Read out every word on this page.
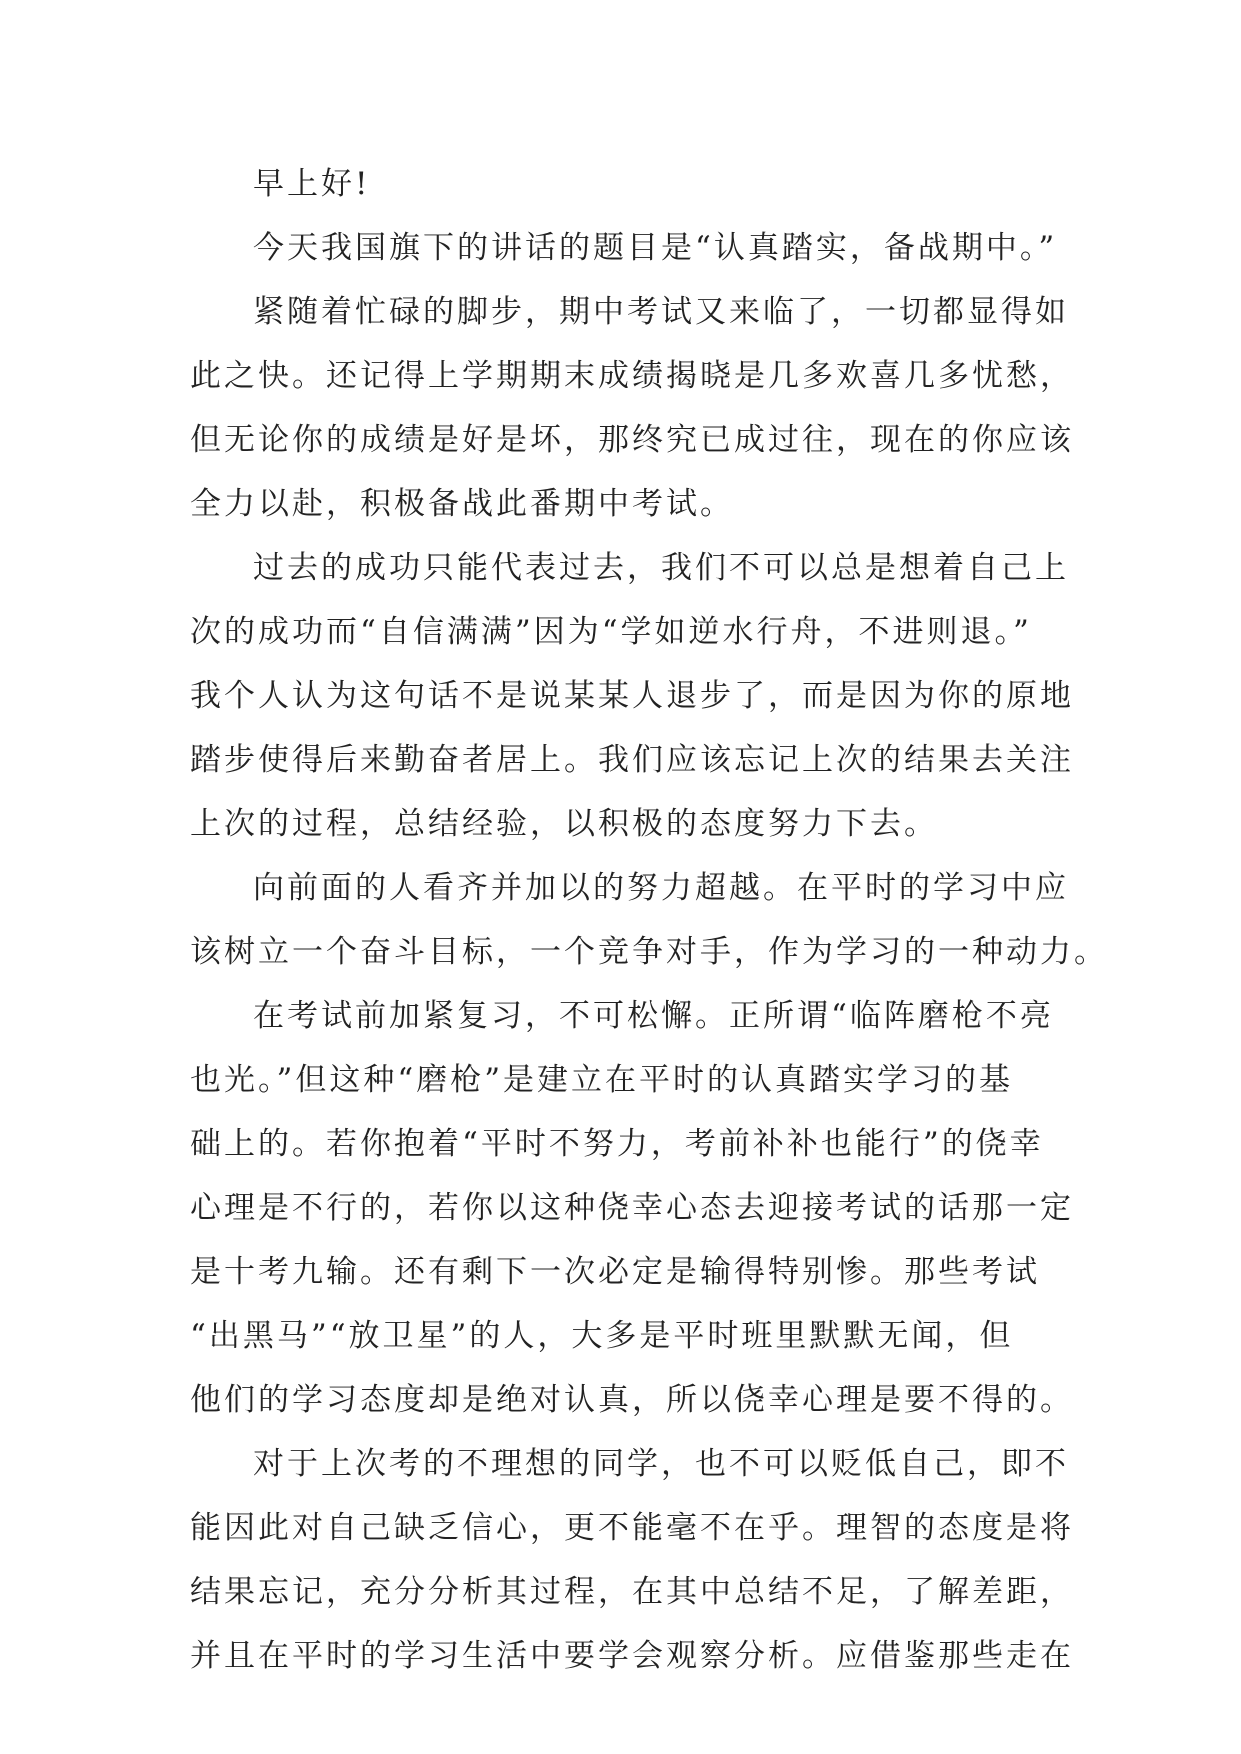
早上好!
今天我国旗下的讲话的题目是“认真踏实，备战期中。”
紧随着忙碌的脚步，期中考试又来临了，一切都显得如
此之快。还记得上学期期末成绩揭晓是几多欢喜几多忧愁，
但无论你的成绩是好是坏，那终究已成过往，现在的你应该
全力以赴，积极备战此番期中考试。
过去的成功只能代表过去，我们不可以总是想着自己上
次的成功而“自信满满”因为“学如逆水行舟，不进则退。”
我个人认为这句话不是说某某人退步了，而是因为你的原地
踏步使得后来勤奋者居上。我们应该忘记上次的结果去关注
上次的过程，总结经验，以积极的态度努力下去。
向前面的人看齐并加以的努力超越。在平时的学习中应
该树立一个奋斗目标，一个竞争对手，作为学习的一种动力。
在考试前加紧复习，不可松懈。正所谓“临阵磨枪不亮
也光。”但这种“磨枪”是建立在平时的认真踏实学习的基
础上的。若你抱着“平时不努力，考前补补也能行”的侥幸
心理是不行的，若你以这种侥幸心态去迎接考试的话那一定
是十考九输。还有剩下一次必定是输得特别惨。那些考试
“出黑马”“放卫星”的人，大多是平时班里默默无闻，但
他们的学习态度却是绝对认真，所以侥幸心理是要不得的。
对于上次考的不理想的同学，也不可以贬低自己，即不
能因此对自己缺乏信心，更不能毫不在乎。理智的态度是将
结果忘记，充分分析其过程，在其中总结不足，了解差距，
并且在平时的学习生活中要学会观察分析。应借鉴那些走在
